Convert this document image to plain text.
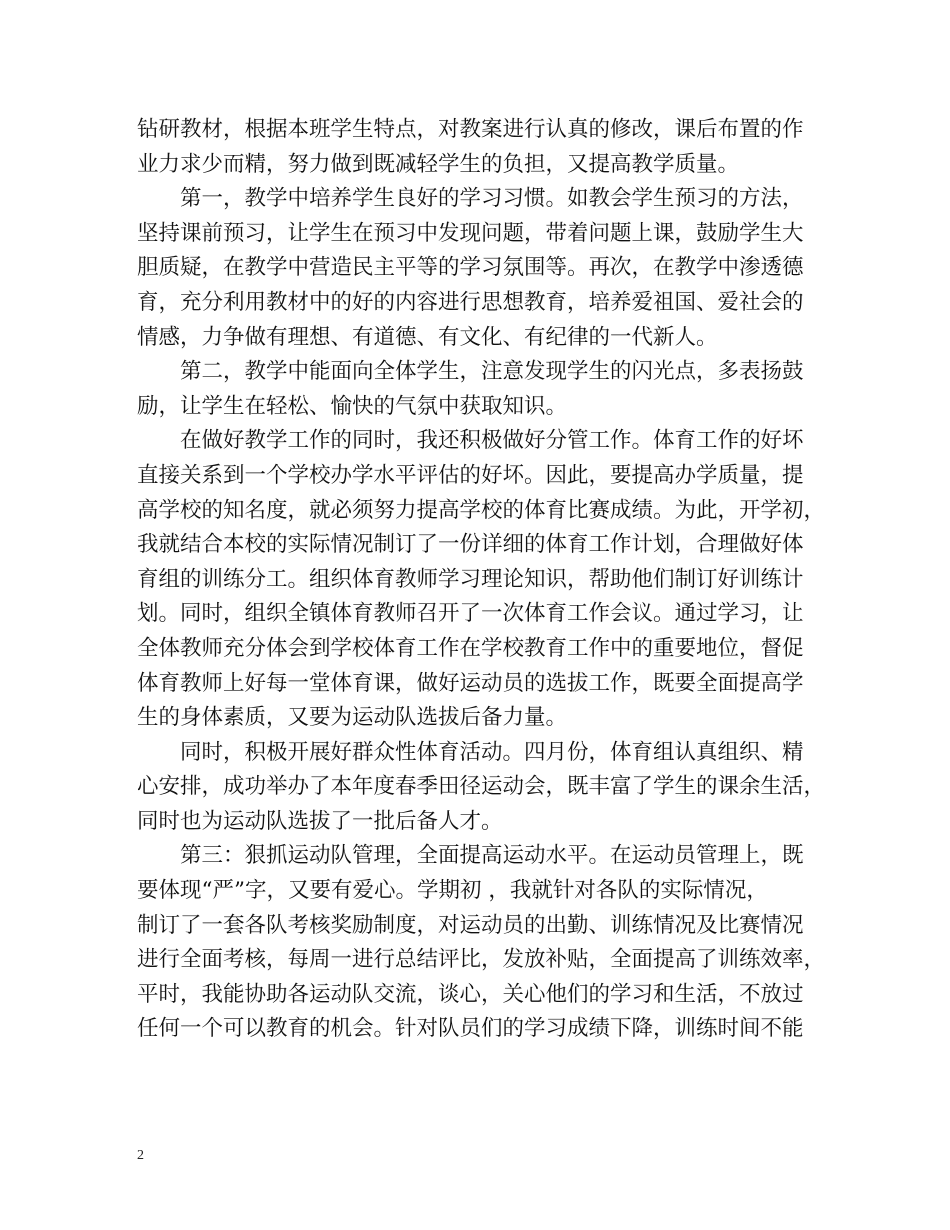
钻研教材，根据本班学生特点，对教案进行认真的修改，课后布置的作
业力求少而精，努力做到既减轻学生的负担，又提高教学质量。
第一，教学中培养学生良好的学习习惯。如教会学生预习的方法，
坚持课前预习，让学生在预习中发现问题，带着问题上课，鼓励学生大
胆质疑，在教学中营造民主平等的学习氛围等。再次，在教学中渗透德
育，充分利用教材中的好的内容进行思想教育，培养爱祖国、爱社会的
情感，力争做有理想、有道德、有文化、有纪律的一代新人。
第二，教学中能面向全体学生，注意发现学生的闪光点，多表扬鼓
励，让学生在轻松、愉快的气氛中获取知识。
在做好教学工作的同时，我还积极做好分管工作。体育工作的好坏
直接关系到一个学校办学水平评估的好坏。因此，要提高办学质量，提
高学校的知名度，就必须努力提高学校的体育比赛成绩。为此，开学初，
我就结合本校的实际情况制订了一份详细的体育工作计划，合理做好体
育组的训练分工。组织体育教师学习理论知识，帮助他们制订好训练计
划。同时，组织全镇体育教师召开了一次体育工作会议。通过学习，让
全体教师充分体会到学校体育工作在学校教育工作中的重要地位，督促
体育教师上好每一堂体育课，做好运动员的选拔工作，既要全面提高学
生的身体素质，又要为运动队选拔后备力量。
同时，积极开展好群众性体育活动。四月份，体育组认真组织、精
心安排，成功举办了本年度春季田径运动会，既丰富了学生的课余生活，
同时也为运动队选拔了一批后备人才。
第三：狠抓运动队管理，全面提高运动水平。在运动员管理上，既
要体现“严”字，又要有爱心。学期初 ，我就针对各队的实际情况，
制订了一套各队考核奖励制度，对运动员的出勤、训练情况及比赛情况
进行全面考核，每周一进行总结评比，发放补贴，全面提高了训练效率，
平时，我能协助各运动队交流，谈心，关心他们的学习和生活，不放过
任何一个可以教育的机会。针对队员们的学习成绩下降，训练时间不能
2
